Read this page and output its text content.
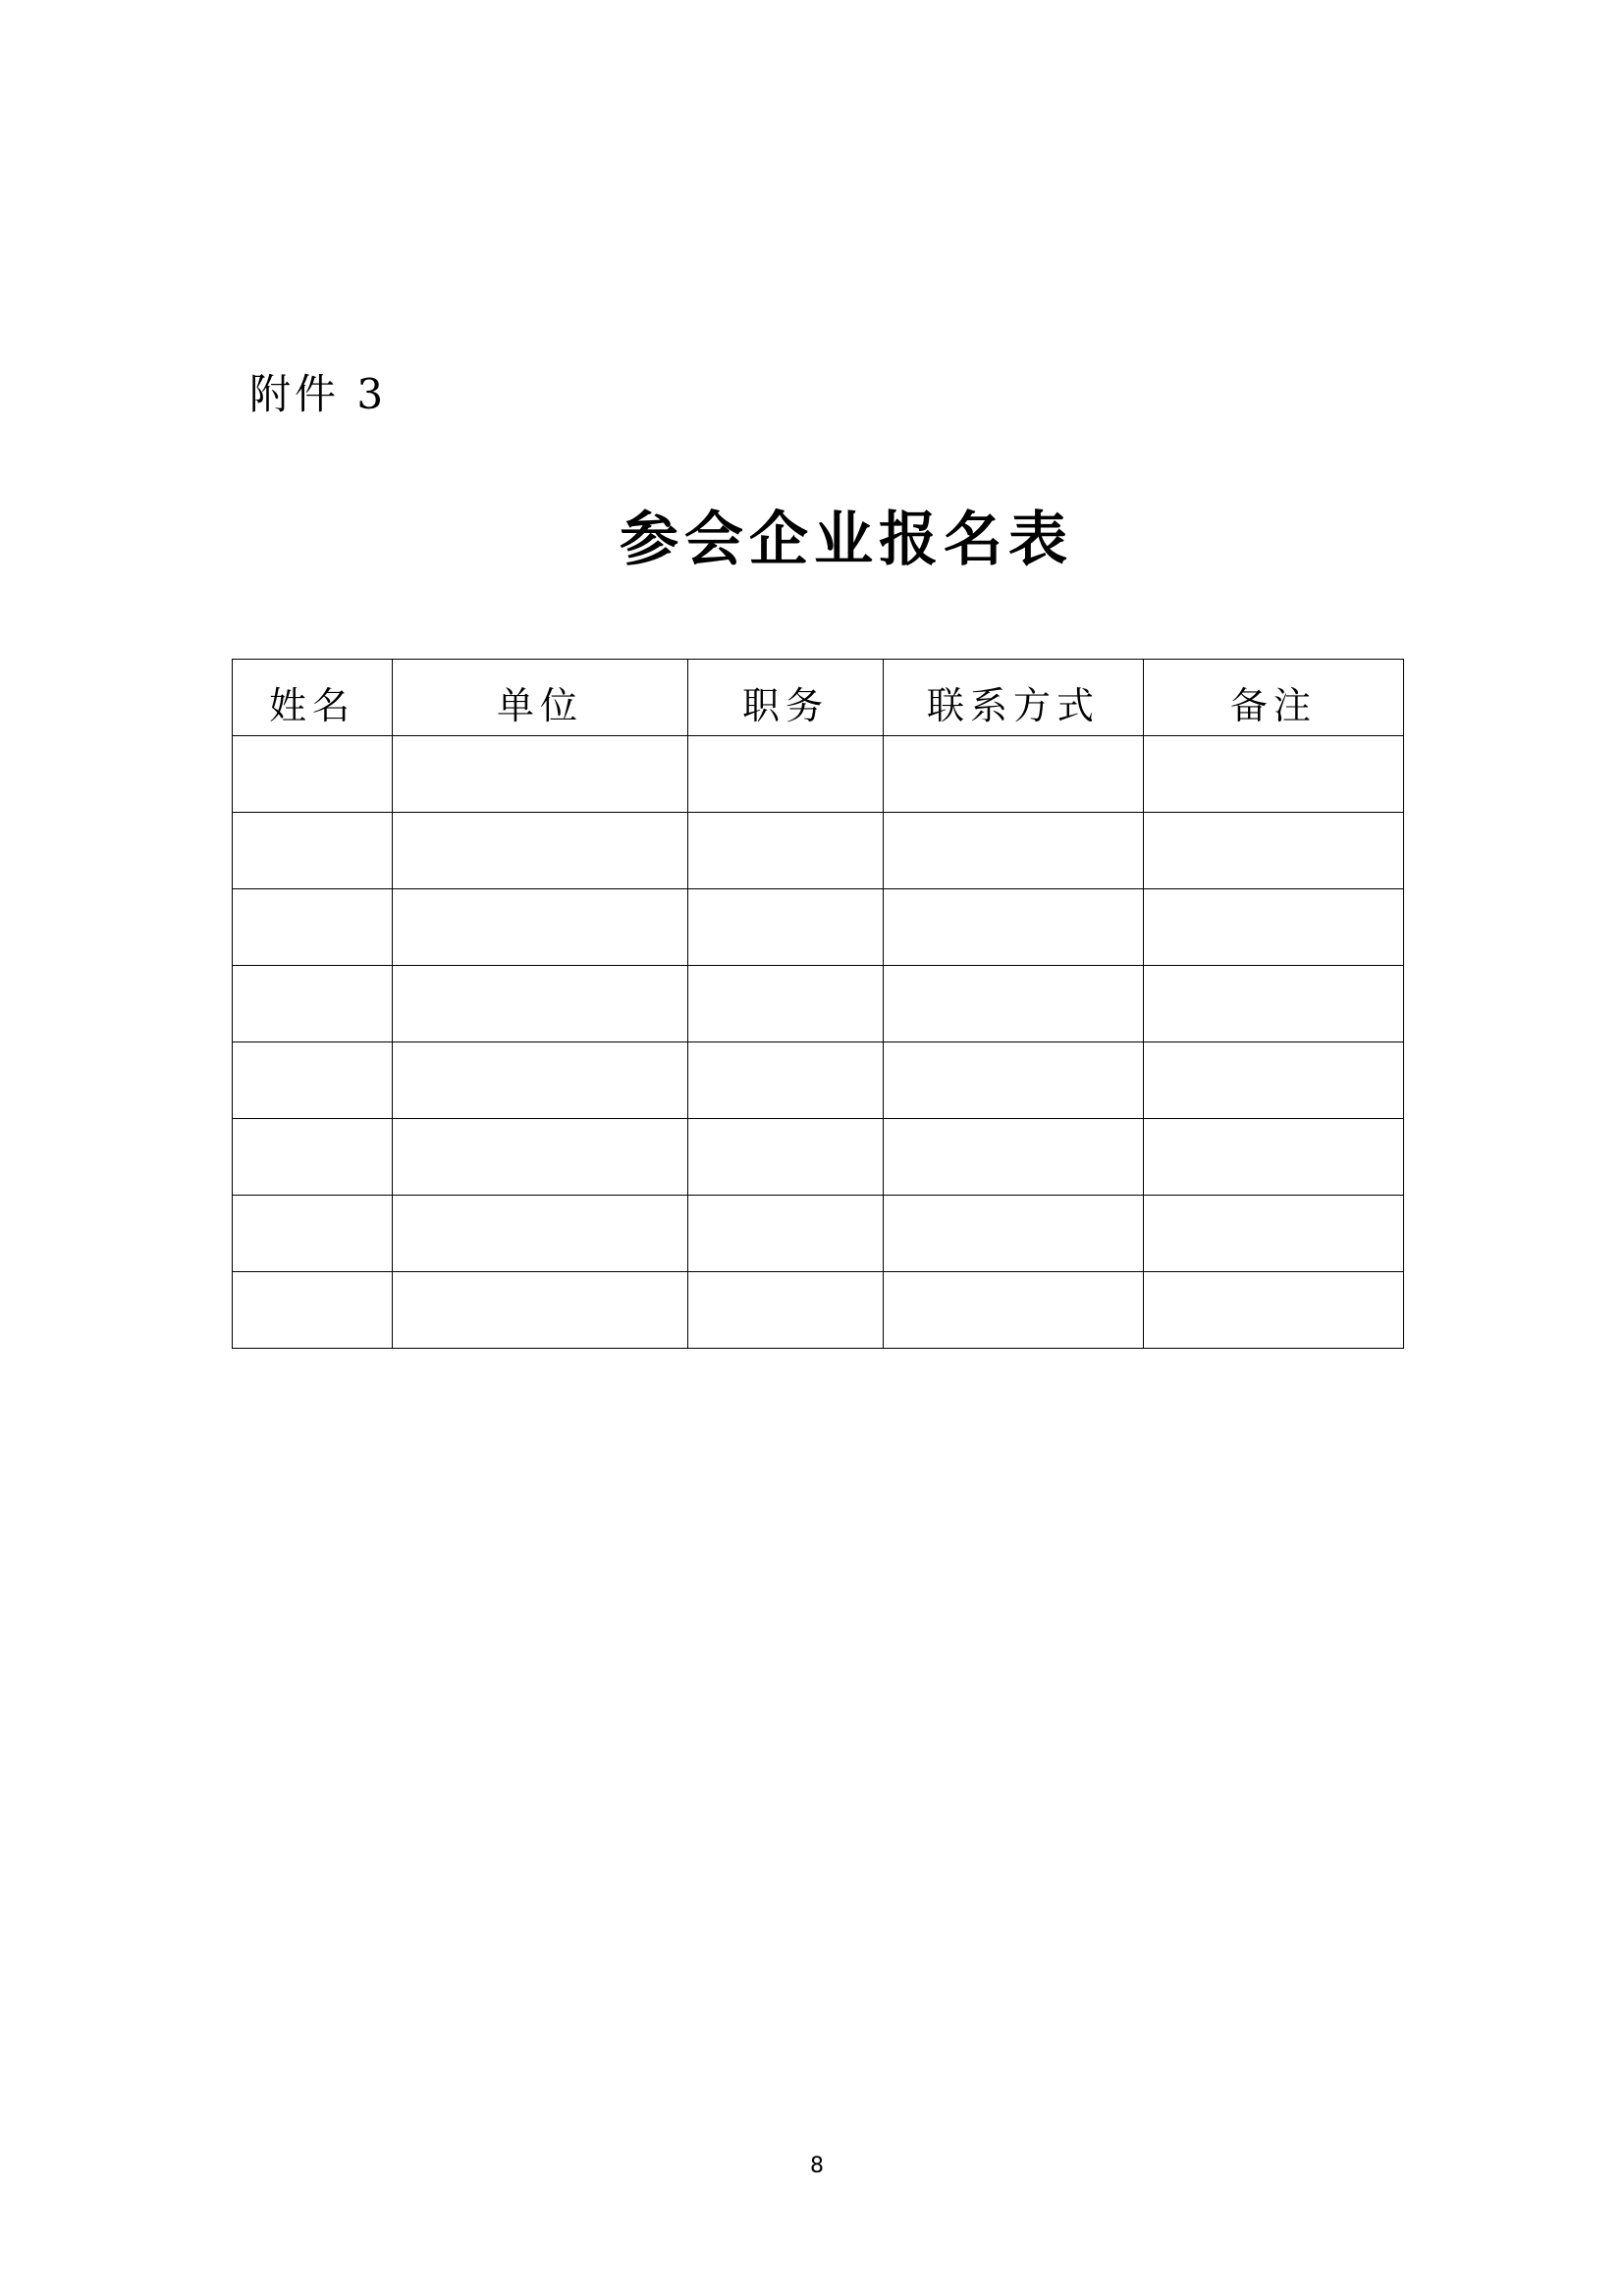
附件 3
参会企业报名表
姓名	单位	职务	联系方式	备注

8
